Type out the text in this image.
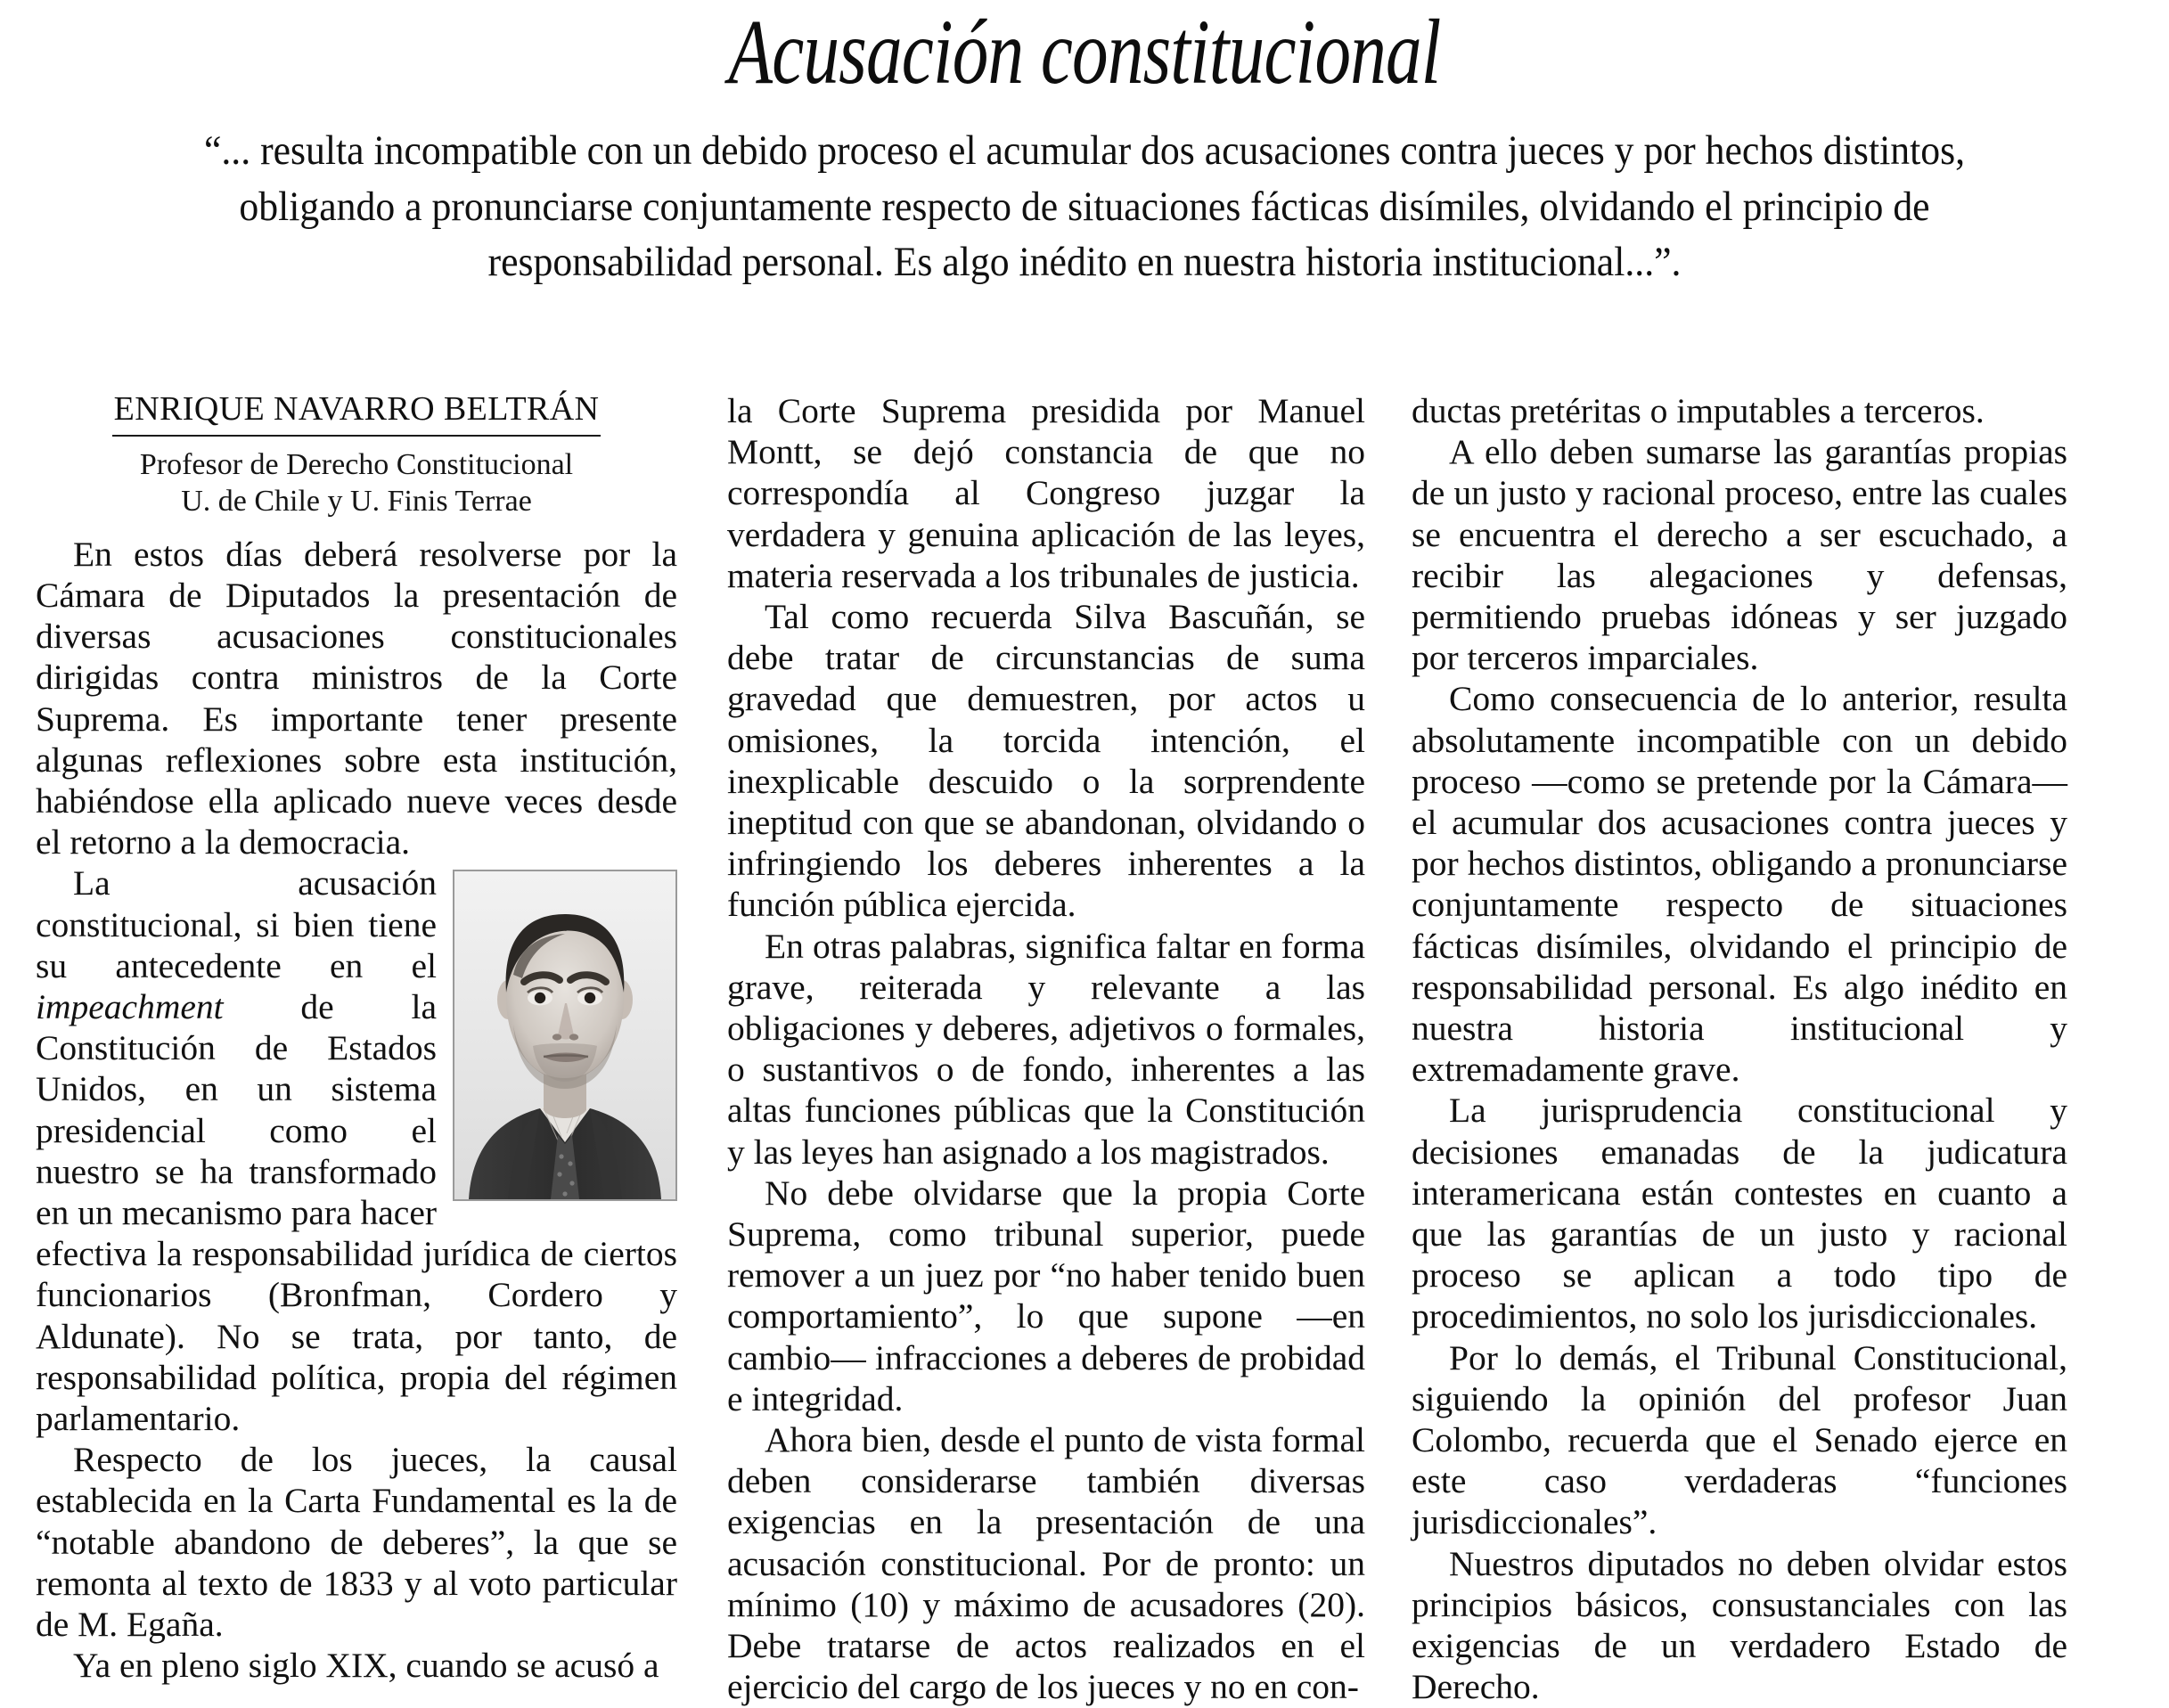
Acusación constitucional

“... resulta incompatible con un debido proceso el acumular dos acusaciones contra jueces y por hechos distintos, obligando a pronunciarse conjuntamente respecto de situaciones fácticas disímiles, olvidando el principio de responsabilidad personal. Es algo inédito en nuestra historia institucional...”.

ENRIQUE NAVARRO BELTRÁN
Profesor de Derecho Constitucional
U. de Chile y U. Finis Terrae

En estos días deberá resolverse por la Cámara de Diputados la presentación de diversas acusaciones constitucionales dirigidas contra ministros de la Corte Suprema. Es importante tener presente algunas reflexiones sobre esta institución, habiéndose ella aplicado nueve veces desde el retorno a la democracia.

La acusación constitucional, si bien tiene su antecedente en el impeachment de la Constitución de Estados Unidos, en un sistema presidencial como el nuestro se ha transformado en un mecanismo para hacer efectiva la responsabilidad jurídica de ciertos funcionarios (Bronfman, Cordero y Aldunate). No se trata, por tanto, de responsabilidad política, propia del régimen parlamentario.

Respecto de los jueces, la causal establecida en la Carta Fundamental es la de “notable abandono de deberes”, la que se remonta al texto de 1833 y al voto particular de M. Egaña.

Ya en pleno siglo XIX, cuando se acusó a

la Corte Suprema presidida por Manuel Montt, se dejó constancia de que no correspondía al Congreso juzgar la verdadera y genuina aplicación de las leyes, materia reservada a los tribunales de justicia.

Tal como recuerda Silva Bascuñán, se debe tratar de circunstancias de suma gravedad que demuestren, por actos u omisiones, la torcida intención, el inexplicable descuido o la sorprendente ineptitud con que se abandonan, olvidando o infringiendo los deberes inherentes a la función pública ejercida.

En otras palabras, significa faltar en forma grave, reiterada y relevante a las obligaciones y deberes, adjetivos o formales, o sustantivos o de fondo, inherentes a las altas funciones públicas que la Constitución y las leyes han asignado a los magistrados.

No debe olvidarse que la propia Corte Suprema, como tribunal superior, puede remover a un juez por “no haber tenido buen comportamiento”, lo que supone —en cambio— infracciones a deberes de probidad e integridad.

Ahora bien, desde el punto de vista formal deben considerarse también diversas exigencias en la presentación de una acusación constitucional. Por de pronto: un mínimo (10) y máximo de acusadores (20). Debe tratarse de actos realizados en el ejercicio del cargo de los jueces y no en con-

ductas pretéritas o imputables a terceros.

A ello deben sumarse las garantías propias de un justo y racional proceso, entre las cuales se encuentra el derecho a ser escuchado, a recibir las alegaciones y defensas, permitiendo pruebas idóneas y ser juzgado por terceros imparciales.

Como consecuencia de lo anterior, resulta absolutamente incompatible con un debido proceso —como se pretende por la Cámara— el acumular dos acusaciones contra jueces y por hechos distintos, obligando a pronunciarse conjuntamente respecto de situaciones fácticas disímiles, olvidando el principio de responsabilidad personal. Es algo inédito en nuestra historia institucional y extremadamente grave.

La jurisprudencia constitucional y decisiones emanadas de la judicatura interamericana están contestes en cuanto a que las garantías de un justo y racional proceso se aplican a todo tipo de procedimientos, no solo los jurisdiccionales.

Por lo demás, el Tribunal Constitucional, siguiendo la opinión del profesor Juan Colombo, recuerda que el Senado ejerce en este caso verdaderas “funciones jurisdiccionales”.

Nuestros diputados no deben olvidar estos principios básicos, consustanciales con las exigencias de un verdadero Estado de Derecho.
